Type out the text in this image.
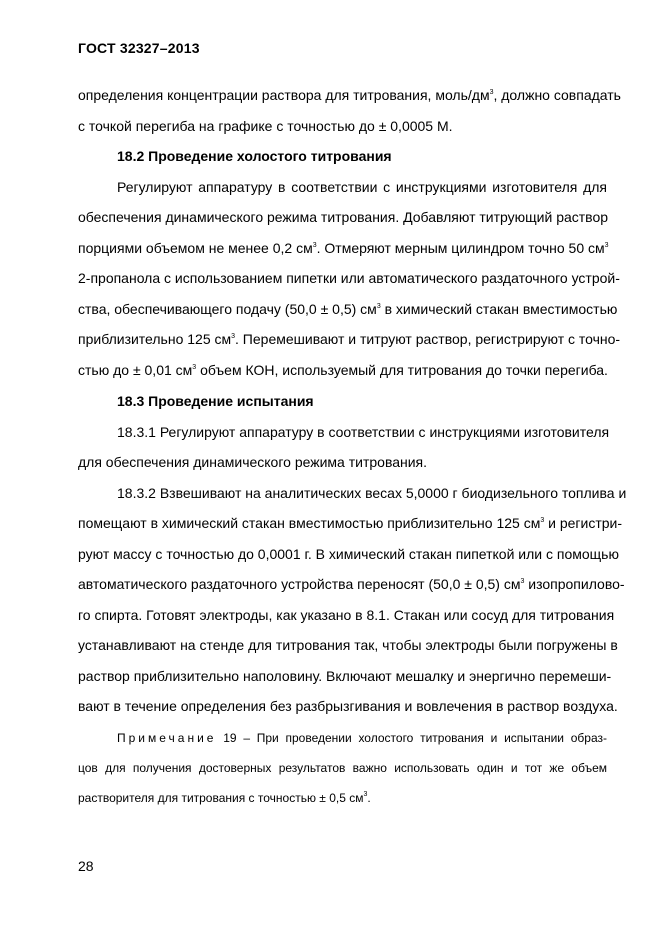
ГОСТ 32327–2013
определения концентрации раствора для титрования, моль/$дм^3$, должно совпадать
с точкой перегиба на графике с точностью до ± 0,0005 М.
18.2 Проведение холостого титрования
Регулируют аппаратуру в соответствии с инструкциями изготовителя для
обеспечения динамического режима титрования. Добавляют титрующий раствор
порциями объемом не менее 0,2 $см^3$. Отмеряют мерным цилиндром точно 50 $см^3$
2-пропанола с использованием пипетки или автоматического раздаточного устрой-
ства, обеспечивающего подачу (50,0 ± 0,5) $см^3$ в химический стакан вместимостью
приблизительно 125 $см^3$. Перемешивают и титруют раствор, регистрируют с точно-
стью до ± 0,01 $см^3$ объем КОН, используемый для титрования до точки перегиба.
18.3 Проведение испытания
18.3.1 Регулируют аппаратуру в соответствии с инструкциями изготовителя
для обеспечения динамического режима титрования.
18.3.2 Взвешивают на аналитических весах 5,0000 г биодизельного топлива и
помещают в химический стакан вместимостью приблизительно 125 $см^3$ и регистри-
руют массу с точностью до 0,0001 г. В химический стакан пипеткой или с помощью
автоматического раздаточного устройства переносят (50,0 ± 0,5) $см^3$ изопропилово-
го спирта. Готовят электроды, как указано в 8.1. Стакан или сосуд для титрования
устанавливают на стенде для титрования так, чтобы электроды были погружены в
раствор приблизительно наполовину. Включают мешалку и энергично перемеши-
вают в течение определения без разбрызгивания и вовлечения в раствор воздуха.
Примечание 19 – При проведении холостого титрования и испытании образ-
цов для получения достоверных результатов важно использовать один и тот же объем
растворителя для титрования с точностью ± 0,5 $см^3$.
28
